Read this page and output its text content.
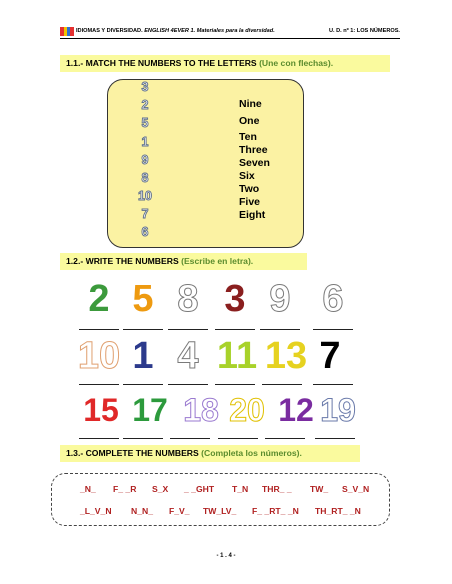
IDIOMAS Y DIVERSIDAD. ENGLISH 4EVER 1. Materiales para la diversidad.	U. D. nº 1: LOS NÚMEROS.
1.1.- MATCH THE NUMBERS TO THE LETTERS (Une con flechas).
3
2
5
1
9
8
10
7
6
Nine
One
Ten
Three
Seven
Six
Two
Five
Eight
1.2.- WRITE THE NUMBERS (Escribe en letra).
2 5 8 3 9 6
10 1 4 11 13 7
15 17 18 20 12 19
1.3.- COMPLETE THE NUMBERS (Completa los números).
_N_ F_ _R S_X _ _GHT T_N THR_ _ TW_ S_V_N
_L_V_N N_N_ F_V_ TW_LV_ F_ _RT_ _N TH_RT_ _N
- 1 . 4 -
